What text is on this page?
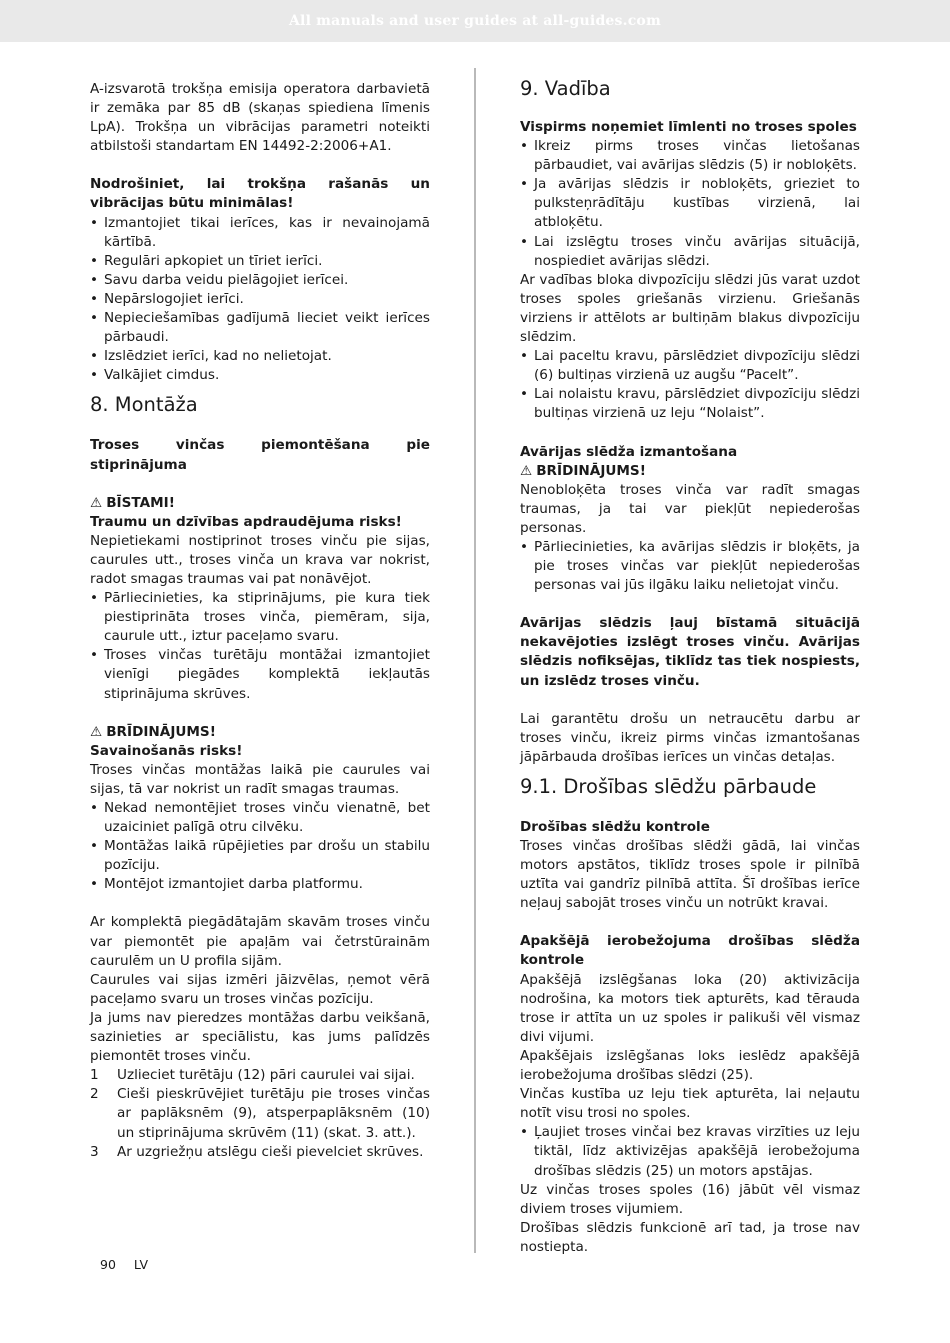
All manuals and user guides at all-guides.com

A-izsvarotā trokšņa emisija operatora darbavietā ir zemāka par 85 dB (skaņas spiediena līmenis LpA). Trokšņa un vibrācijas parametri noteikti atbilstoši standartam EN 14492-2:2006+A1.

Nodrošiniet, lai trokšņa rašanās un vibrācijas būtu minimālas!

• Izmantojiet tikai ierīces, kas ir nevainojamā kārtībā.
• Regulāri apkopiet un tīriet ierīci.
• Savu darba veidu pielāgojiet ierīcei.
• Nepārslogojiet ierīci.
• Nepieciešamības gadījumā lieciet veikt ierīces pārbaudi.
• Izslēdziet ierīci, kad no nelietojat.
• Valkājiet cimdus.
8. Montāža

Troses vinčas piemontēšana pie stiprinājuma

⚠ BĪSTAMI!

Traumu un dzīvības apdraudējuma risks!

Nepietiekami nostiprinot troses vinču pie sijas, caurules utt., troses vinča un krava var nokrist, radot smagas traumas vai pat nonāvējot.

• Pārliecinieties, ka stiprinājums, pie kura tiek piestiprināta troses vinča, piemēram, sija, caurule utt., iztur paceļamo svaru.
• Troses vinčas turētāju montāžai izmantojiet vienīgi piegādes komplektā iekļautās stiprinājuma skrūves.

⚠ BRĪDINĀJUMS!

Savainošanās risks!

Troses vinčas montāžas laikā pie caurules vai sijas, tā var nokrist un radīt smagas traumas.

• Nekad nemontējiet troses vinču vienatnē, bet uzaiciniet palīgā otru cilvēku.
• Montāžas laikā rūpējieties par drošu un stabilu pozīciju.
• Montējot izmantojiet darba platformu.

Ar komplektā piegādātajām skavām troses vinču var piemontēt pie apaļām vai četrstūrainām caurulēm un U profila sijām.

Caurules vai sijas izmēri jāizvēlas, ņemot vērā paceļamo svaru un troses vinčas pozīciju.

Ja jums nav pieredzes montāžas darbu veikšanā, sazinieties ar speciālistu, kas jums palīdzēs piemontēt troses vinču.

1 Uzlieciet turētāju (12) pāri caurulei vai sijai.
2 Cieši pieskrūvējiet turētāju pie troses vinčas ar paplāksnēm (9), atsperpaplāksnēm (10) un stiprinājuma skrūvēm (11) (skat. 3. att.).
3 Ar uzgriežņu atslēgu cieši pievelciet skrūves.
9. Vadība

Vispirms noņemiet līmlenti no troses spoles

• Ikreiz pirms troses vinčas lietošanas pārbaudiet, vai avārijas slēdzis (5) ir nobloķēts.
• Ja avārijas slēdzis ir nobloķēts, grieziet to pulksteņrādītāju kustības virzienā, lai atbloķētu.
• Lai izslēgtu troses vinču avārijas situācijā, nospiediet avārijas slēdzi.

Ar vadības bloka divpozīciju slēdzi jūs varat uzdot troses spoles griešanās virzienu. Griešanās virziens ir attēlots ar bultiņām blakus divpozīciju slēdzim.

• Lai paceltu kravu, pārslēdziet divpozīciju slēdzi (6) bultiņas virzienā uz augšu “Pacelt”.
• Lai nolaistu kravu, pārslēdziet divpozīciju slēdzi bultiņas virzienā uz leju “Nolaist”.

Avārijas slēdža izmantošana

⚠ BRĪDINĀJUMS!

Nenobloķēta troses vinča var radīt smagas traumas, ja tai var piekļūt nepiederošas personas.

• Pārliecinieties, ka avārijas slēdzis ir bloķēts, ja pie troses vinčas var piekļūt nepiederošas personas vai jūs ilgāku laiku nelietojat vinču.

Avārijas slēdzis ļauj bīstamā situācijā nekavējoties izslēgt troses vinču. Avārijas slēdzis nofiksējas, tiklīdz tas tiek nospiests, un izslēdz troses vinču.

Lai garantētu drošu un netraucētu darbu ar troses vinču, ikreiz pirms vinčas izmantošanas jāpārbauda drošības ierīces un vinčas detaļas.

9.1. Drošības slēdžu pārbaude

Drošības slēdžu kontrole

Troses vinčas drošības slēdži gādā, lai vinčas motors apstātos, tiklīdz troses spole ir pilnībā uztīta vai gandrīz pilnībā attīta. Šī drošības ierīce neļauj sabojāt troses vinču un notrūkt kravai.

Apakšējā ierobežojuma drošības slēdža kontrole

Apakšējā izslēgšanas loka (20) aktivizācija nodrošina, ka motors tiek apturēts, kad tērauda trose ir attīta un uz spoles ir palikuši vēl vismaz divi vijumi.

Apakšējais izslēgšanas loks ieslēdz apakšējā ierobežojuma drošības slēdzi (25).

Vinčas kustība uz leju tiek apturēta, lai neļautu notīt visu trosi no spoles.

• Ļaujiet troses vinčai bez kravas virzīties uz leju tiktāl, līdz aktivizējas apakšējā ierobežojuma drošības slēdzis (25) un motors apstājas.

Uz vinčas troses spoles (16) jābūt vēl vismaz diviem troses vijumiem.

Drošības slēdzis funkcionē arī tad, ja trose nav nostiepta.

90 LV
